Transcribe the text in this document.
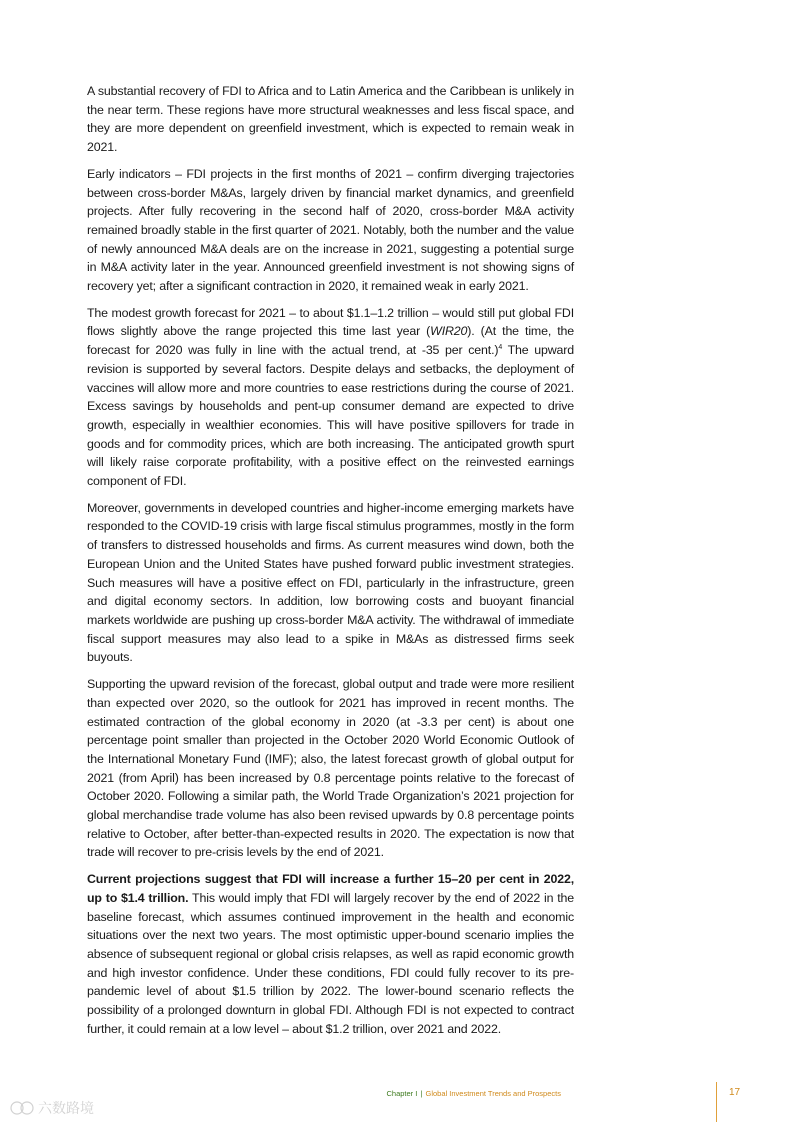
A substantial recovery of FDI to Africa and to Latin America and the Caribbean is unlikely in the near term. These regions have more structural weaknesses and less fiscal space, and they are more dependent on greenfield investment, which is expected to remain weak in 2021.

Early indicators – FDI projects in the first months of 2021 – confirm diverging trajectories between cross-border M&As, largely driven by financial market dynamics, and greenfield projects. After fully recovering in the second half of 2020, cross-border M&A activity remained broadly stable in the first quarter of 2021. Notably, both the number and the value of newly announced M&A deals are on the increase in 2021, suggesting a potential surge in M&A activity later in the year. Announced greenfield investment is not showing signs of recovery yet; after a significant contraction in 2020, it remained weak in early 2021.

The modest growth forecast for 2021 – to about $1.1–1.2 trillion – would still put global FDI flows slightly above the range projected this time last year (WIR20). (At the time, the forecast for 2020 was fully in line with the actual trend, at -35 per cent.)$^4$ The upward revision is supported by several factors. Despite delays and setbacks, the deployment of vaccines will allow more and more countries to ease restrictions during the course of 2021. Excess savings by households and pent-up consumer demand are expected to drive growth, especially in wealthier economies. This will have positive spillovers for trade in goods and for commodity prices, which are both increasing. The anticipated growth spurt will likely raise corporate profitability, with a positive effect on the reinvested earnings component of FDI.

Moreover, governments in developed countries and higher-income emerging markets have responded to the COVID-19 crisis with large fiscal stimulus programmes, mostly in the form of transfers to distressed households and firms. As current measures wind down, both the European Union and the United States have pushed forward public investment strategies. Such measures will have a positive effect on FDI, particularly in the infrastructure, green and digital economy sectors. In addition, low borrowing costs and buoyant financial markets worldwide are pushing up cross-border M&A activity. The withdrawal of immediate fiscal support measures may also lead to a spike in M&As as distressed firms seek buyouts.

Supporting the upward revision of the forecast, global output and trade were more resilient than expected over 2020, so the outlook for 2021 has improved in recent months. The estimated contraction of the global economy in 2020 (at -3.3 per cent) is about one percentage point smaller than projected in the October 2020 World Economic Outlook of the International Monetary Fund (IMF); also, the latest forecast growth of global output for 2021 (from April) has been increased by 0.8 percentage points relative to the forecast of October 2020. Following a similar path, the World Trade Organization’s 2021 projection for global merchandise trade volume has also been revised upwards by 0.8 percentage points relative to October, after better-than-expected results in 2020. The expectation is now that trade will recover to pre-crisis levels by the end of 2021.

Current projections suggest that FDI will increase a further 15–20 per cent in 2022, up to $1.4 trillion. This would imply that FDI will largely recover by the end of 2022 in the baseline forecast, which assumes continued improvement in the health and economic situations over the next two years. The most optimistic upper-bound scenario implies the absence of subsequent regional or global crisis relapses, as well as rapid economic growth and high investor confidence. Under these conditions, FDI could fully recover to its pre-pandemic level of about $1.5 trillion by 2022. The lower-bound scenario reflects the possibility of a prolonged downturn in global FDI. Although FDI is not expected to contract further, it could remain at a low level – about $1.2 trillion, over 2021 and 2022.

Chapter I | Global Investment Trends and Prospects	17
六数路境
